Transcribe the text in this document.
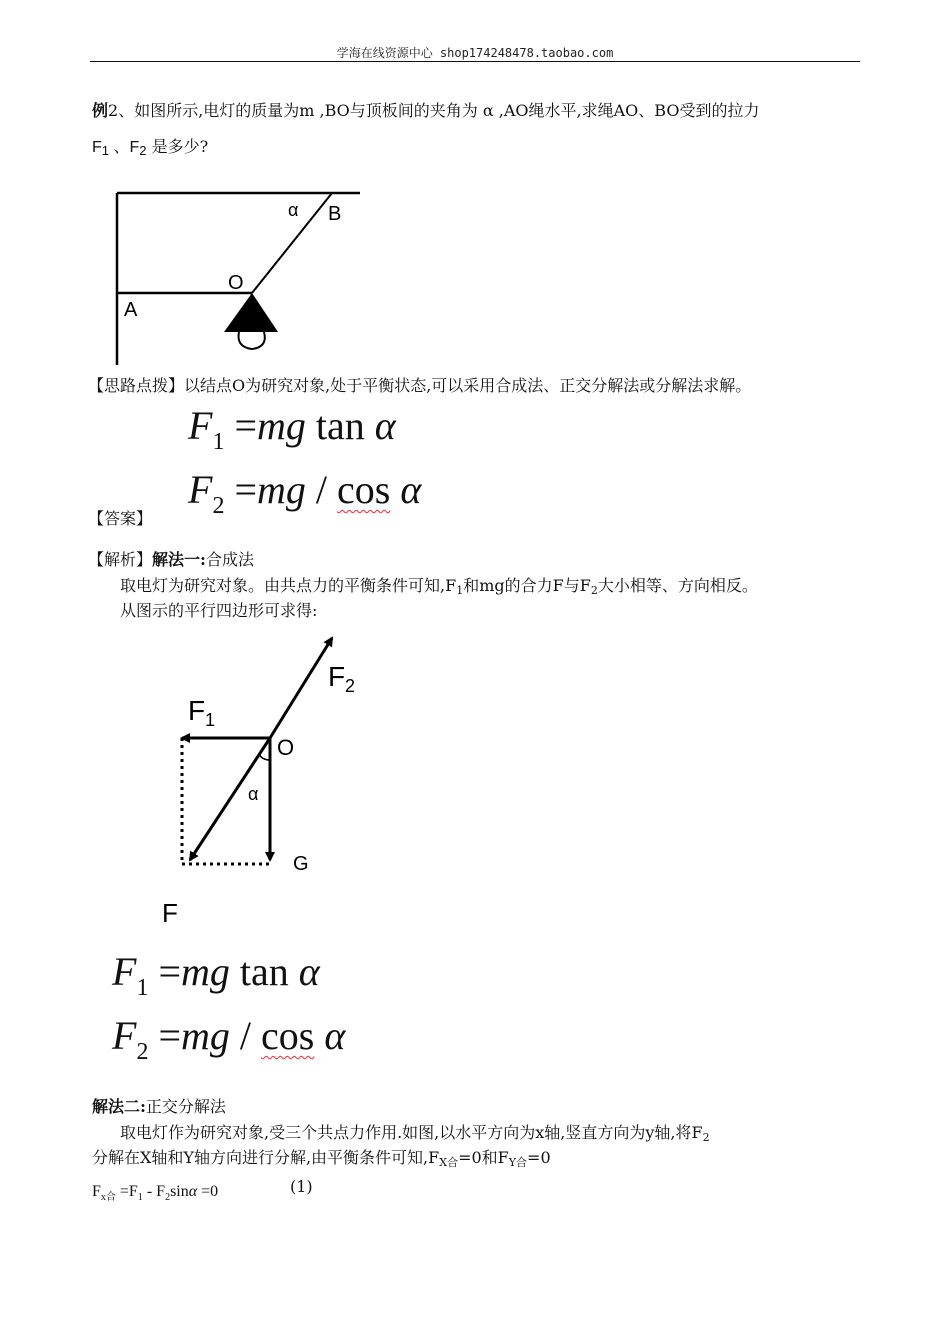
学海在线资源中心 shop174248478.taobao.com
例2、如图所示,电灯的质量为m ,BO与顶板间的夹角为 α ,AO绳水平,求绳AO、BO受到的拉力
F1 、F2 是多少?
α B
O
A
【思路点拨】以结点O为研究对象,处于平衡状态,可以采用合成法、正交分解法或分解法求解。
$F_1 =mg$ tan α
$F_2 =mg / \cos \alpha$
【答案】
【解析】解法一:合成法
取电灯为研究对象。由共点力的平衡条件可知,F1和mg的合力F与F2大小相等、方向相反。
从图示的平行四边形可求得:
F 2
F 1
O
α
G
F
$F_1 =mg$ tan α
$F_2 =mg / \cos \alpha$
解法二:正交分解法
取电灯作为研究对象,受三个共点力作用.如图,以水平方向为x轴,竖直方向为y轴,将F2
分解在X轴和Y轴方向进行分解,由平衡条件可知,FX合=0和FY合=0
$F_{x合} =F_1 - F_2\sin\alpha =0$	(1)
